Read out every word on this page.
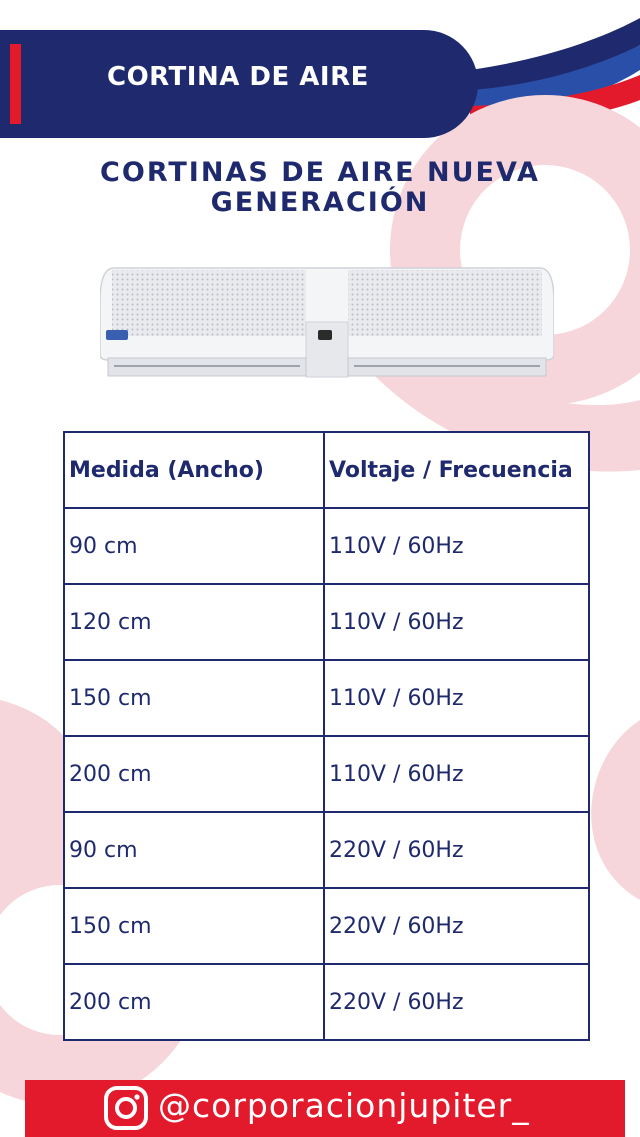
CORTINA DE AIRE
CORTINAS DE AIRE NUEVA
GENERACIÓN
Medida (Ancho)	Voltaje / Frecuencia
90 cm	110V / 60Hz
120 cm	110V / 60Hz
150 cm	110V / 60Hz
200 cm	110V / 60Hz
90 cm	220V / 60Hz
150 cm	220V / 60Hz
200 cm	220V / 60Hz
@corporacionjupiter_
